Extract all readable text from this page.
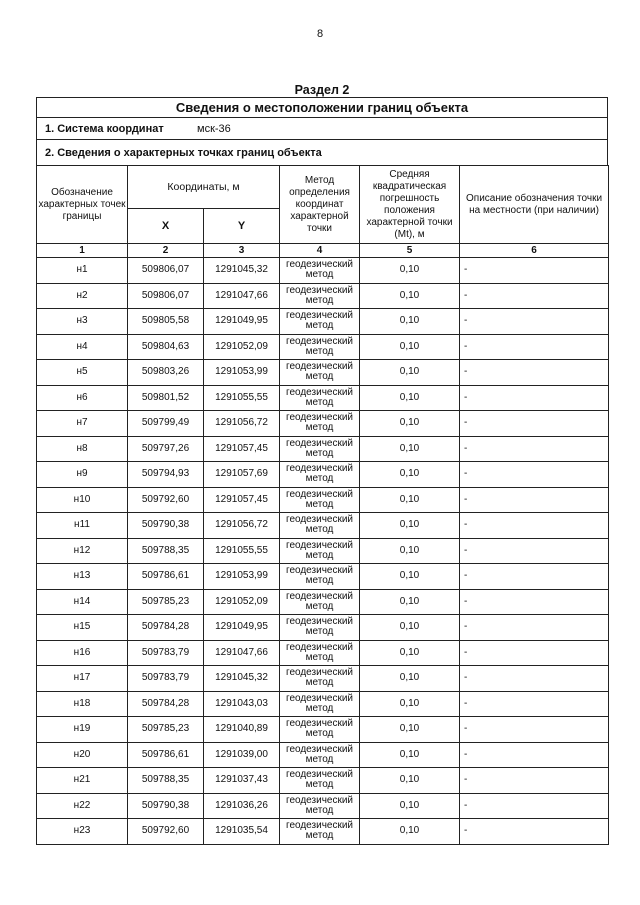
8
Раздел 2
Сведения о местоположении границ объекта
1. Система координат	мск-36
2. Сведения о характерных точках границ объекта
Обозначение характерных точек границы	Координаты, м		Метод определения координат характерной точки	Средняя квадратическая погрешность положения характерной точки (Mt), м	Описание обозначения точки на местности (при наличии)
	X	Y			
1	2	3	4	5	6
н1	509806,07	1291045,32	геодезический метод	0,10	-
н2	509806,07	1291047,66	геодезический метод	0,10	-
н3	509805,58	1291049,95	геодезический метод	0,10	-
н4	509804,63	1291052,09	геодезический метод	0,10	-
н5	509803,26	1291053,99	геодезический метод	0,10	-
н6	509801,52	1291055,55	геодезический метод	0,10	-
н7	509799,49	1291056,72	геодезический метод	0,10	-
н8	509797,26	1291057,45	геодезический метод	0,10	-
н9	509794,93	1291057,69	геодезический метод	0,10	-
н10	509792,60	1291057,45	геодезический метод	0,10	-
н11	509790,38	1291056,72	геодезический метод	0,10	-
н12	509788,35	1291055,55	геодезический метод	0,10	-
н13	509786,61	1291053,99	геодезический метод	0,10	-
н14	509785,23	1291052,09	геодезический метод	0,10	-
н15	509784,28	1291049,95	геодезический метод	0,10	-
н16	509783,79	1291047,66	геодезический метод	0,10	-
н17	509783,79	1291045,32	геодезический метод	0,10	-
н18	509784,28	1291043,03	геодезический метод	0,10	-
н19	509785,23	1291040,89	геодезический метод	0,10	-
н20	509786,61	1291039,00	геодезический метод	0,10	-
н21	509788,35	1291037,43	геодезический метод	0,10	-
н22	509790,38	1291036,26	геодезический метод	0,10	-
н23	509792,60	1291035,54	геодезический метод	0,10	-
